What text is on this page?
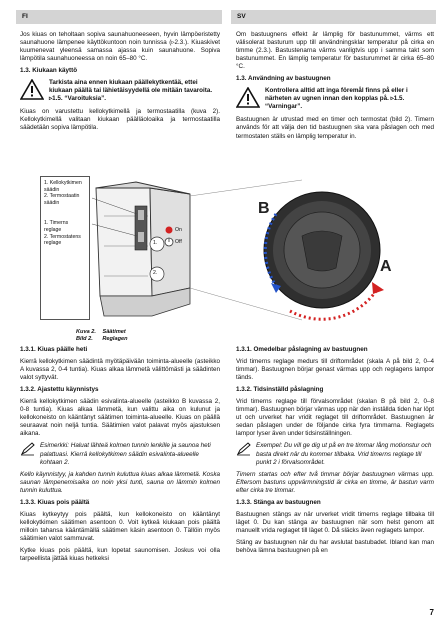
FI	SV

Jos kiuas on teholtaan sopiva saunahuoneeseen, hyvin lämpöeristetty saunahuone lämpenee käyttökuntoon noin tunnissa (▹2.3.). Kiuaskivet kuumenevat yleensä samassa ajassa kuin saunahuone. Sopiva lämpötila saunahuoneessa on noin 65–80 °C.

1.3. Kiukaan käyttö

Tarkista aina ennen kiukaan päällekytkentää, ettei kiukaan päällä tai lähietäisyydellä ole mitään tavaroita. ▹1.5. “Varoituksia”.

Kiuas on varustettu kellokytkimellä ja termostaatilla (kuva 2). Kellokytkimellä valitaan kiukaan päälläoloaika ja termostaatilla säädetään sopiva lämpötila.

Om bastuugnens effekt är lämplig för bastunummet, värms ett välisolerat basturum upp till användningsklar temperatur på cirka en timme (2.3.). Bastustenarna värms vanligtvis upp i samma takt som bastunummet. En lämplig temperatur för basturummet är cirka 65–80 °C.

1.3. Användning av bastuugnen

Kontrollera alltid att inga föremål finns på eller i närheten av ugnen innan den kopplas på. ▹1.5. “Varningar”.

Bastuugnen är utrustad med en timer och termostat (bild 2). Timern används för att välja den tid bastuugnen ska vara påslagen och med termostaten ställs en lämplig temperatur in.

1. Kellokytkimen säädin
2. Termostaatin säädin
1. Timerns reglage
2. Termostatens reglage	1.
2.
On
Off
B
A
Kuva 2. Säätimet
Bild 2. Reglagen

1.3.1. Kiuas päälle heti

Kierrä kellokytkimen säädintä myötäpäivään toiminta-alueelle (asteikko A kuvassa 2, 0-4 tuntia). Kiuas alkaa lämmetä välittömästi ja säädinten valot syttyvät.

1.3.2. Ajastettu käynnistys

Kierrä kellokytkimen säädin esivalinta-alueelle (asteikko B kuvassa 2, 0-8 tuntia). Kiuas alkaa lämmetä, kun valittu aika on kulunut ja kellokoneisto on kääntänyt säätimen toiminta-alueelle. Kiuas on päällä seuraavat noin neljä tuntia. Säätimien valot palavat myös ajastuksen aikana.

Esimerkki: Haluat lähteä kolmen tunnin lenkille ja saunoa heti palattuasi. Kierrä kellokytkimen säädin esivalinta-alueelle kohtaan 2.

Kello käynnistyy, ja kahden tunnin kuluttua kiuas alkaa lämmetä. Koska saunan lämpenemisaika on noin yksi tunti, sauna on lämmin kolmen tunnin kuluttua.

1.3.3. Kiuas pois päältä

Kiuas kytkeytyy pois päältä, kun kellokoneisto on kääntänyt kellokytkimen säätimen asentoon 0. Voit kytkeä kiukaan pois päältä milloin tahansa kääntämällä säätimen käsin asentoon 0. Tällöin myös säätimien valot sammuvat.

Kytke kiuas pois päältä, kun lopetat saunomisen. Joskus voi olla tarpeellista jättää kiuas hetkeksi

1.3.1. Omedelbar påslagning av bastuugnen

Vrid timerns reglage medurs till driftområdet (skala A på bild 2, 0–4 timmar). Bastuugnen börjar genast värmas upp och reglagens lampor tänds.

1.3.2. Tidsinställd påslagning

Vrid timerns reglage till förvalsområdet (skalan B på bild 2, 0–8 timmar). Bastuugnen börjar värmas upp när den inställda tiden har löpt ut och urverket har vridit reglaget till driftområdet. Bastuugnen är sedan påslagen under de följande cirka fyra timmarna. Reglagets lampor lyser även under tidsinställningen.

Exempel: Du vill ge dig ut på en tre timmar lång motionstur och basta direkt när du kommer tillbaka. Vrid timerns reglage till punkt 2 i förvalsområdet.

Timern startas och efter två timmar börjar bastuugnen värmas upp. Eftersom bastuns uppvärmningstid är cirka en timme, är bastun varm efter cirka tre timmar.

1.3.3. Stänga av bastuugnen

Bastuugnen stängs av när urverket vridit timerns reglage tillbaka till läget 0. Du kan stänga av bastuugnen när som helst genom att manuellt vrida reglaget till läget 0. Då släcks även reglagets lampor.

Stäng av bastuugnen när du har avslutat bastubadet. Ibland kan man behöva lämna bastuugnen på en

7
